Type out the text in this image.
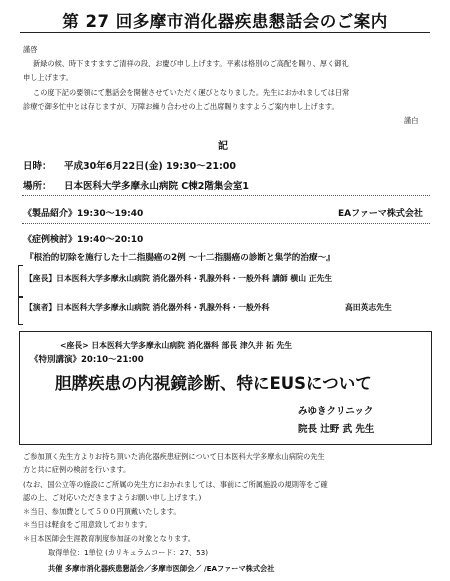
第 27 回多摩市消化器疾患懇話会のご案内
謹啓
新緑の候、時下ますますご清祥の段、お慶び申し上げます。平素は格別のご高配を賜り、厚く御礼
申し上げます。
この度下記の要領にて懇話会を開催させていただく運びとなりました。先生におかれましては日常
診療で御多忙中とは存じますが、万障お繰り合わせの上ご出席賜りますようご案内申し上げます。
謹白
記
日時： 平成30年6月22日(金) 19:30～21:00
場所： 日本医科大学多摩永山病院 C棟2階集会室1
《製品紹介》19:30～19:40	EAファーマ株式会社
《症例検討》19:40～20:10
『根治的切除を施行した十二指腸癌の2例 ～十二指腸癌の診断と集学的治療～』
【座長】日本医科大学多摩永山病院 消化器外科・乳腺外科・一般外科 講師 横山 正先生
【演者】日本医科大学多摩永山病院 消化器外科・乳腺外科・一般外科	高田英志先生
<座長> 日本医科大学多摩永山病院 消化器科 部長 津久井 拓 先生
《特別講演》20:10～21:00
胆膵疾患の内視鏡診断、特にEUSについて
みゆきクリニック
院長 辻野 武 先生
ご参加頂く先生方よりお持ち頂いた消化器疾患症例について日本医科大学多摩永山病院の先生
方と共に症例の検討を行います。
(なお、国公立等の施設にご所属の先生方におかれましては、事前にご所属施設の規則等をご確
認の上、ご対応いただきますようお願い申し上げます。)
＊当日、参加費として５００円頂戴いたします。
＊当日は軽食をご用意致しております。
＊日本医師会生涯教育制度参加証の対象となります。
取得単位：1単位 (カリキュラムコード：27、53)
共催 多摩市消化器疾患懇話会／多摩市医師会／ /EAファーマ株式会社
